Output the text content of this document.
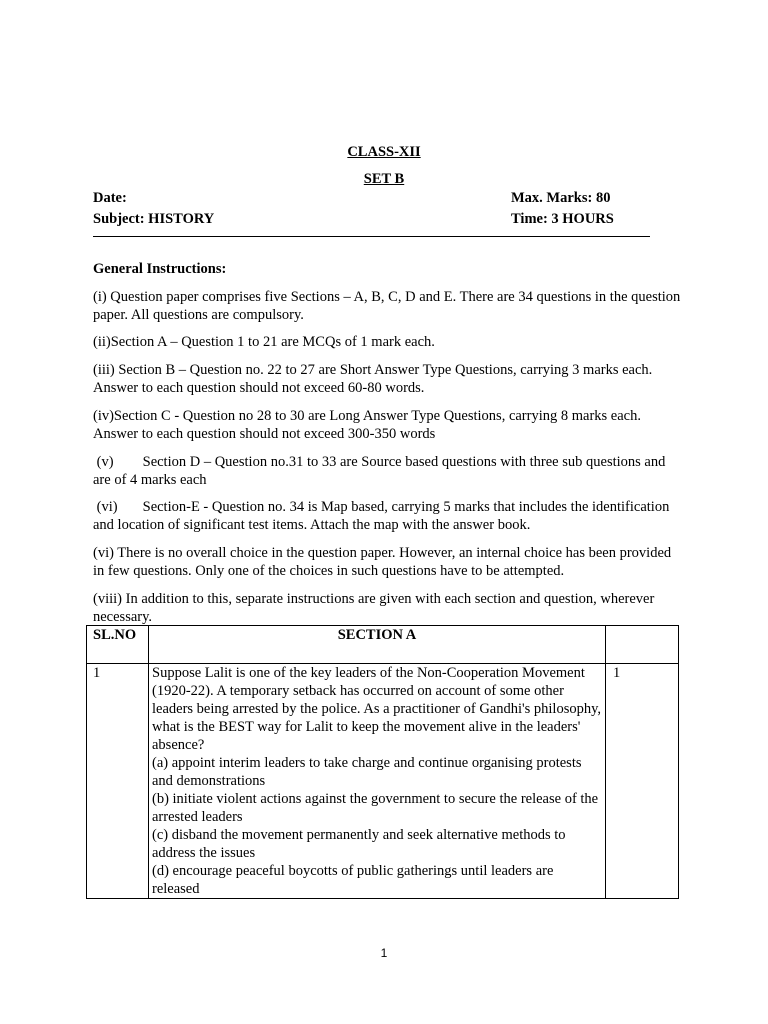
CLASS-XII
SET B
Date:	Max. Marks: 80
Subject: HISTORY	Time: 3 HOURS
General Instructions:
(i) Question paper comprises five Sections – A, B, C, D and E. There are 34 questions in the question paper. All questions are compulsory.
(ii)Section A – Question 1 to 21 are MCQs of 1 mark each.
(iii) Section B – Question no. 22 to 27 are Short Answer Type Questions, carrying 3 marks each. Answer to each question should not exceed 60-80 words.
(iv)Section C - Question no 28 to 30 are Long Answer Type Questions, carrying 8 marks each. Answer to each question should not exceed 300-350 words
(v) Section D – Question no.31 to 33 are Source based questions with three sub questions and are of 4 marks each
(vi) Section-E - Question no. 34 is Map based, carrying 5 marks that includes the identification and location of significant test items. Attach the map with the answer book.
(vi) There is no overall choice in the question paper. However, an internal choice has been provided in few questions. Only one of the choices in such questions have to be attempted.
(viii) In addition to this, separate instructions are given with each section and question, wherever necessary.
SL.NO	SECTION A	
1	Suppose Lalit is one of the key leaders of the Non-Cooperation Movement (1920-22). A temporary setback has occurred on account of some other leaders being arrested by the police. As a practitioner of Gandhi's philosophy, what is the BEST way for Lalit to keep the movement alive in the leaders' absence?
(a) appoint interim leaders to take charge and continue organising protests and demonstrations
(b) initiate violent actions against the government to secure the release of the arrested leaders
(c) disband the movement permanently and seek alternative methods to address the issues
(d) encourage peaceful boycotts of public gatherings until leaders are released	1
1
